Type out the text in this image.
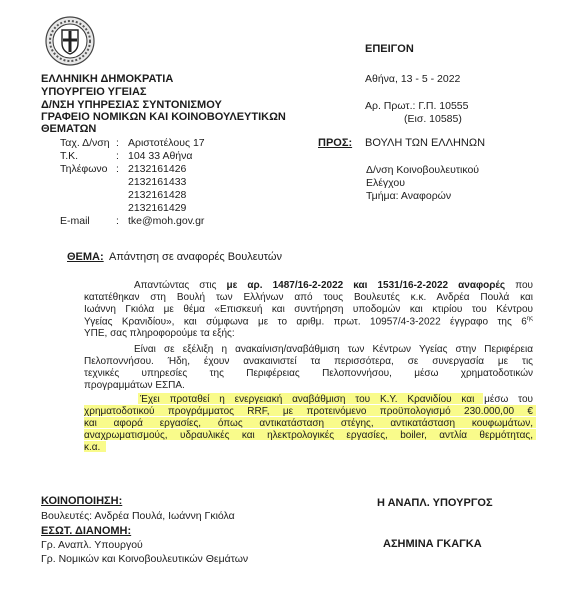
ΕΛΛΗΝΙΚΗ ΔΗΜΟΚΡΑΤΙΑ
ΥΠΟΥΡΓΕΙΟ ΥΓΕΙΑΣ
Δ/ΝΣΗ ΥΠΗΡΕΣΙΑΣ ΣΥΝΤΟΝΙΣΜΟΥ
ΓΡΑΦΕΙΟ ΝΟΜΙΚΩΝ ΚΑΙ ΚΟΙΝΟΒΟΥΛΕΥΤΙΚΩΝ
ΘΕΜΑΤΩΝ
ΕΠΕΙΓΟΝ
Αθήνα, 13 - 5 - 2022
Αρ. Πρωτ.: Γ.Π. 10555
(Εισ. 10585)
Ταχ. Δ/νση : Αριστοτέλους 17
Τ.Κ.	: 104 33 Αθήνα
Τηλέφωνο : 2132161426
2132161433
2132161428
2132161429
E-mail : tke@moh.gov.gr
ΠΡΟΣ: ΒΟΥΛΗ ΤΩΝ ΕΛΛΗΝΩΝ
Δ/νση Κοινοβουλευτικού
Ελέγχου
Τμήμα: Αναφορών
ΘΕΜΑ: Απάντηση σε αναφορές Βουλευτών
Απαντώντας στις με αρ. 1487/16-2-2022 και 1531/16-2-2022 αναφορές που
κατατέθηκαν στη Βουλή των Ελλήνων από τους Βουλευτές κ.κ. Ανδρέα Πουλά και
Ιωάννη Γκιόλα με θέμα «Επισκευή και συντήρηση υποδομών και κτιρίου του Κέντρου
Υγείας Κρανιδίου», και σύμφωνα με το αριθμ. πρωτ. 10957/4-3-2022 έγγραφο της $6^{\eta\varsigma}$
ΥΠΕ, σας πληροφορούμε τα εξής:
Είναι σε εξέλιξη η ανακαίνιση/αναβάθμιση των Κέντρων Υγείας στην Περιφέρεια
Πελοποννήσου. Ήδη, έχουν ανακαινιστεί τα περισσότερα, σε συνεργασία με τις
τεχνικές υπηρεσίες της Περιφέρειας Πελοποννήσου, μέσω χρηματοδοτικών
προγραμμάτων ΕΣΠΑ.
Έχει προταθεί η ενεργειακή αναβάθμιση του Κ.Υ. Κρανιδίου και μέσω του
χρηματοδοτικού προγράμματος RRF, με προτεινόμενο προϋπολογισμό 230.000,00 €
και αφορά εργασίες, όπως αντικατάσταση στέγης, αντικατάσταση κουφωμάτων,
αναχρωματισμούς, υδραυλικές και ηλεκτρολογικές εργασίες, boiler, αντλία θερμότητας,
κ.α.
ΚΟΙΝΟΠΟΙΗΣΗ:
Βουλευτές: Ανδρέα Πουλά, Ιωάννη Γκιόλα
ΕΣΩΤ. ΔΙΑΝΟΜΗ:
Γρ. Αναπλ. Υπουργού
Γρ. Νομικών και Κοινοβουλευτικών Θεμάτων
Η ΑΝΑΠΛ. ΥΠΟΥΡΓΟΣ
ΑΣΗΜΙΝΑ ΓΚΑΓΚΑ
